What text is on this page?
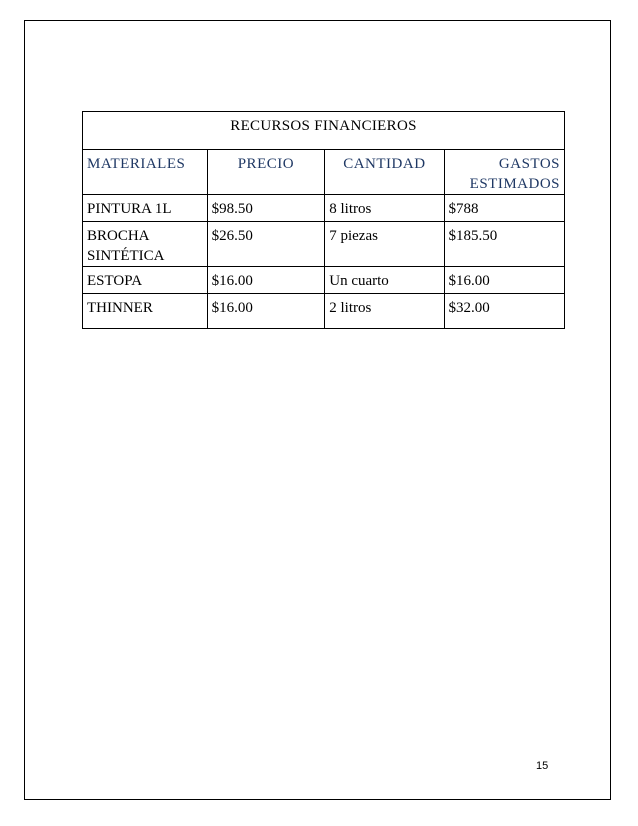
RECURSOS FINANCIEROS			
MATERIALES	PRECIO	CANTIDAD	GASTOS ESTIMADOS
PINTURA 1L	$98.50	8 litros	$788
BROCHA SINTÉTICA	$26.50	7 piezas	$185.50
ESTOPA	$16.00	Un cuarto	$16.00
THINNER	$16.00	2 litros	$32.00
15
